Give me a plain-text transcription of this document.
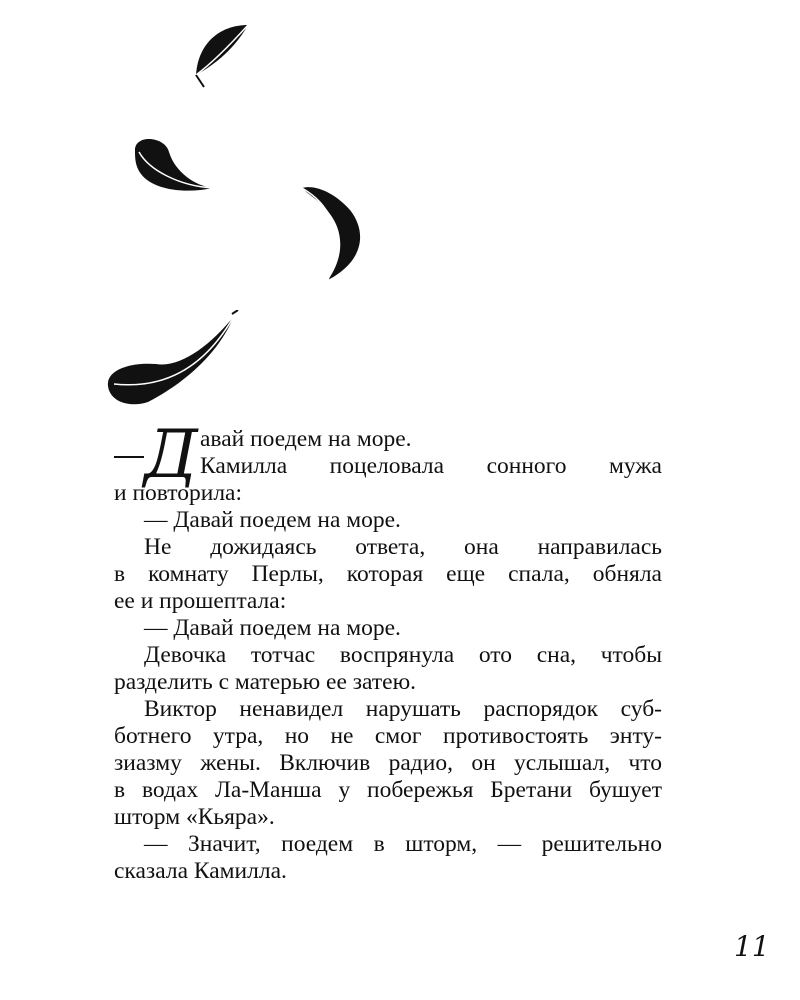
Д авай поедем на море.
Камилла поцеловала сонного мужа
и повторила:
— Давай поедем на море.
Не дожидаясь ответа, она направилась
в комнату Перлы, которая еще спала, обняла
ее и прошептала:
— Давай поедем на море.
Девочка тотчас воспрянула ото сна, чтобы
разделить с матерью ее затею.
Виктор ненавидел нарушать распорядок суб-
ботнего утра, но не смог противостоять энту-
зиазму жены. Включив радио, он услышал, что
в водах Ла-Манша у побережья Бретани бушует
шторм «Кьяра».
— Значит, поедем в шторм, — решительно
сказала Камилла.
11
